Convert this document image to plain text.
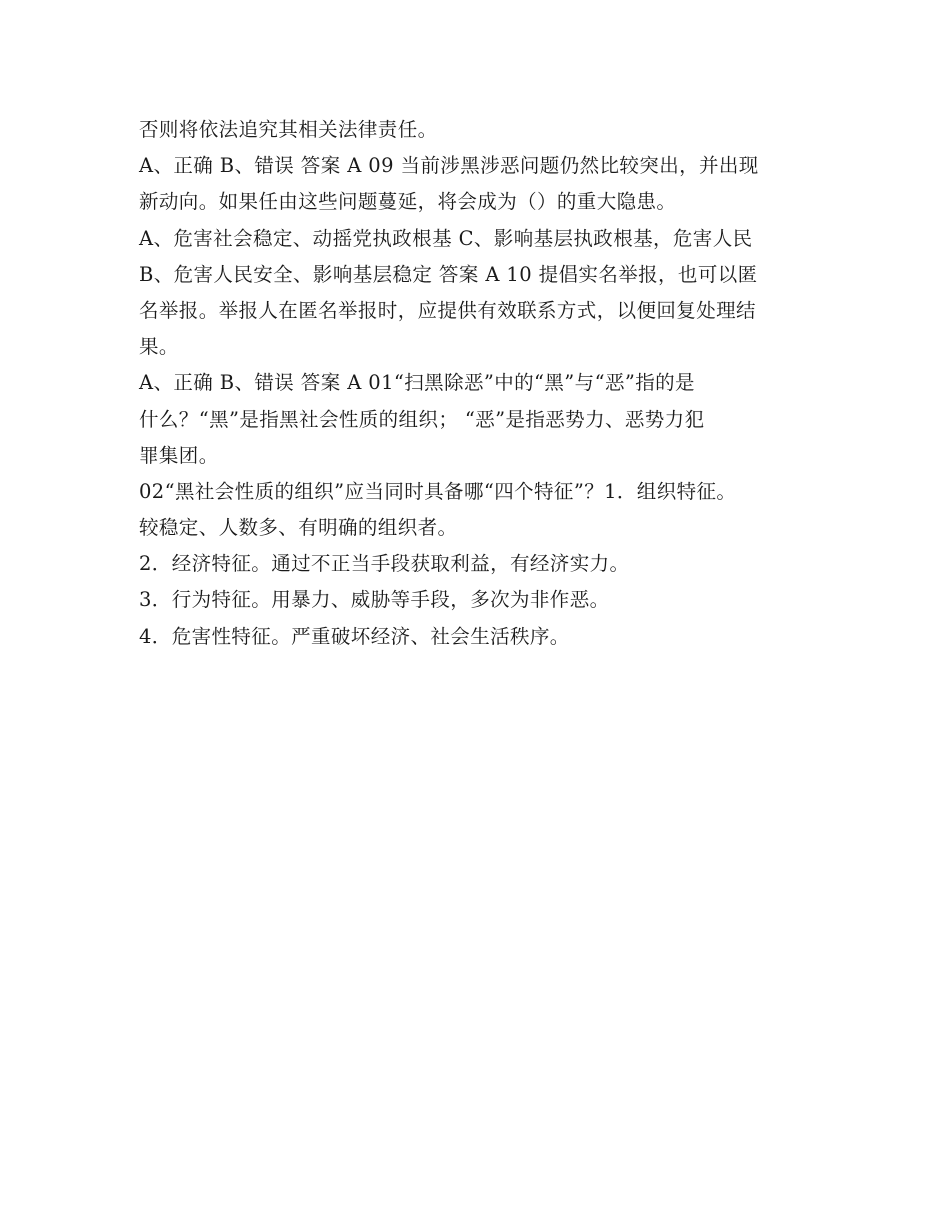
否则将依法追究其相关法律责任。
A、正确 B、错误 答案 A 09 当前涉黑涉恶问题仍然比较突出，并出现
新动向。如果任由这些问题蔓延，将会成为（）的重大隐患。
A、危害社会稳定、动摇党执政根基 C、影响基层执政根基，危害人民
B、危害人民安全、影响基层稳定 答案 A 10 提倡实名举报，也可以匿
名举报。举报人在匿名举报时，应提供有效联系方式，以便回复处理结
果。
A、正确 B、错误 答案 A 01“扫黑除恶”中的“黑”与“恶”指的是
什么？“黑”是指黑社会性质的组织； “恶”是指恶势力、恶势力犯
罪集团。
02“黑社会性质的组织”应当同时具备哪“四个特征”？1．组织特征。
较稳定、人数多、有明确的组织者。
2．经济特征。通过不正当手段获取利益，有经济实力。
3．行为特征。用暴力、威胁等手段，多次为非作恶。
4．危害性特征。严重破坏经济、社会生活秩序。
